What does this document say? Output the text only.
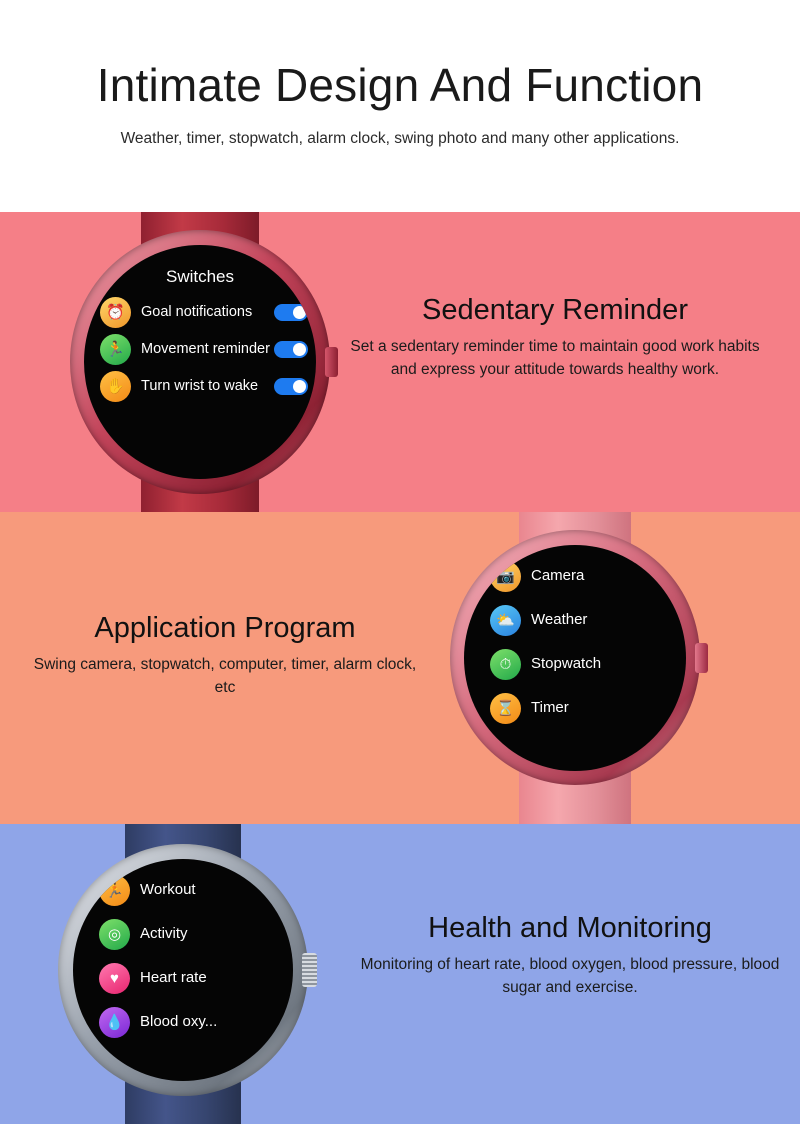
Intimate Design And Function
Weather, timer, stopwatch, alarm clock, swing photo and many other applications.
Switches
⏰ Goal notifications
🏃 Movement reminder
✋ Turn wrist to wake
Sedentary Reminder
Set a sedentary reminder time to maintain good work habits and express your attitude towards healthy work.
Application Program
Swing camera, stopwatch, computer, timer, alarm clock, etc
📷 Camera
⛅ Weather
⏱ Stopwatch
⌛ Timer
🏃 Workout
◎ Activity
♥ Heart rate
💧 Blood oxy...
Health and Monitoring
Monitoring of heart rate, blood oxygen, blood pressure, blood sugar and exercise.
